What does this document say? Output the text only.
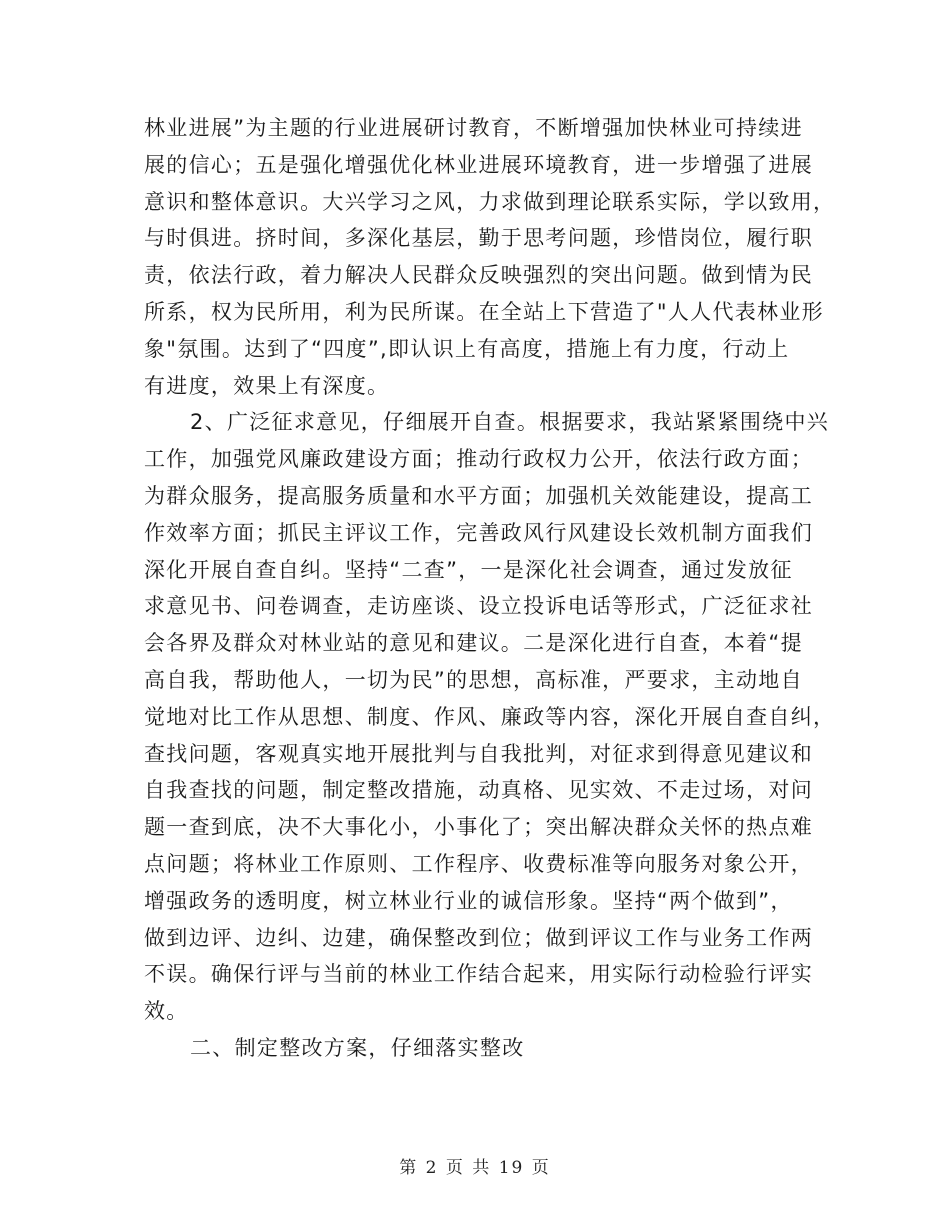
林业进展”为主题的行业进展研讨教育，不断增强加快林业可持续进
展的信心；五是强化增强优化林业进展环境教育，进一步增强了进展
意识和整体意识。大兴学习之风，力求做到理论联系实际，学以致用，
与时俱进。挤时间，多深化基层，勤于思考问题，珍惜岗位，履行职
责，依法行政，着力解决人民群众反映强烈的突出问题。做到情为民
所系，权为民所用，利为民所谋。在全站上下营造了"人人代表林业形
象"氛围。达到了“四度”,即认识上有高度，措施上有力度，行动上
有进度，效果上有深度。
2、广泛征求意见，仔细展开自查。根据要求，我站紧紧围绕中兴
工作，加强党风廉政建设方面；推动行政权力公开，依法行政方面；
为群众服务，提高服务质量和水平方面；加强机关效能建设，提高工
作效率方面；抓民主评议工作，完善政风行风建设长效机制方面我们
深化开展自查自纠。坚持“二查”，一是深化社会调查，通过发放征
求意见书、问卷调查，走访座谈、设立投诉电话等形式，广泛征求社
会各界及群众对林业站的意见和建议。二是深化进行自查，本着“提
高自我，帮助他人，一切为民”的思想，高标准，严要求，主动地自
觉地对比工作从思想、制度、作风、廉政等内容，深化开展自查自纠，
查找问题，客观真实地开展批判与自我批判，对征求到得意见建议和
自我查找的问题，制定整改措施，动真格、见实效、不走过场，对问
题一查到底，决不大事化小，小事化了；突出解决群众关怀的热点难
点问题；将林业工作原则、工作程序、收费标准等向服务对象公开，
增强政务的透明度，树立林业行业的诚信形象。坚持“两个做到”，
做到边评、边纠、边建，确保整改到位；做到评议工作与业务工作两
不误。确保行评与当前的林业工作结合起来，用实际行动检验行评实
效。
二、制定整改方案，仔细落实整改
第 2 页 共 19 页
